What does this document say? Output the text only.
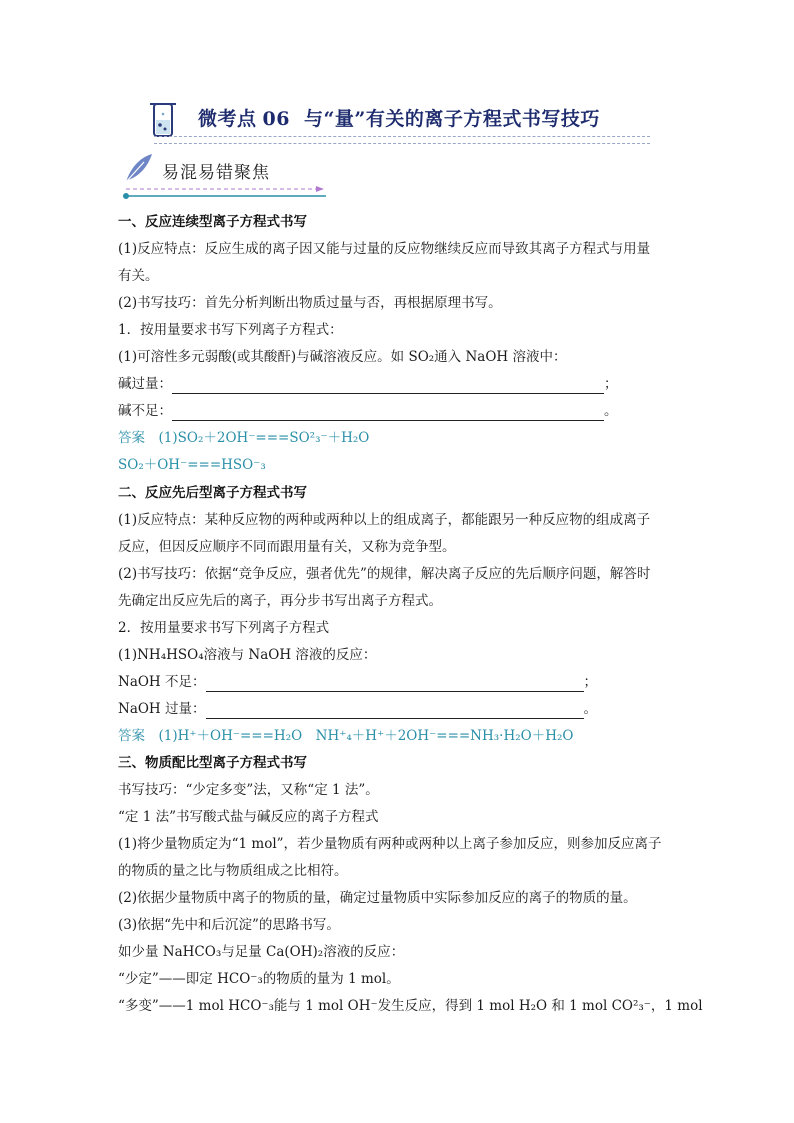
微考点 06 与“量”有关的离子方程式书写技巧
易混易错聚焦
一、反应连续型离子方程式书写
(1)反应特点：反应生成的离子因又能与过量的反应物继续反应而导致其离子方程式与用量
有关。
(2)书写技巧：首先分析判断出物质过量与否，再根据原理书写。
1．按用量要求书写下列离子方程式：
(1)可溶性多元弱酸(或其酸酐)与碱溶液反应。如 SO₂通入 NaOH 溶液中：
碱过量：	；
碱不足：	。
答案　(1)SO₂＋2OH⁻===SO²₃⁻＋H₂O
SO₂＋OH⁻===HSO⁻₃
二、反应先后型离子方程式书写
(1)反应特点：某种反应物的两种或两种以上的组成离子，都能跟另一种反应物的组成离子
反应，但因反应顺序不同而跟用量有关，又称为竞争型。
(2)书写技巧：依据“竞争反应，强者优先”的规律，解决离子反应的先后顺序问题，解答时
先确定出反应先后的离子，再分步书写出离子方程式。
2．按用量要求书写下列离子方程式
(1)NH₄HSO₄溶液与 NaOH 溶液的反应：
NaOH 不足：	；
NaOH 过量：	。
答案　(1)H⁺＋OH⁻===H₂O　NH⁺₄＋H⁺＋2OH⁻===NH₃·H₂O＋H₂O
三、物质配比型离子方程式书写
书写技巧：“少定多变”法，又称“定 1 法”。
“定 1 法”书写酸式盐与碱反应的离子方程式
(1)将少量物质定为“1 mol”，若少量物质有两种或两种以上离子参加反应，则参加反应离子
的物质的量之比与物质组成之比相符。
(2)依据少量物质中离子的物质的量，确定过量物质中实际参加反应的离子的物质的量。
(3)依据“先中和后沉淀”的思路书写。
如少量 NaHCO₃与足量 Ca(OH)₂溶液的反应：
“少定”——即定 HCO⁻₃的物质的量为 1 mol。
“多变”——1 mol HCO⁻₃能与 1 mol OH⁻发生反应，得到 1 mol H₂O 和 1 mol CO²₃⁻，1 mol
